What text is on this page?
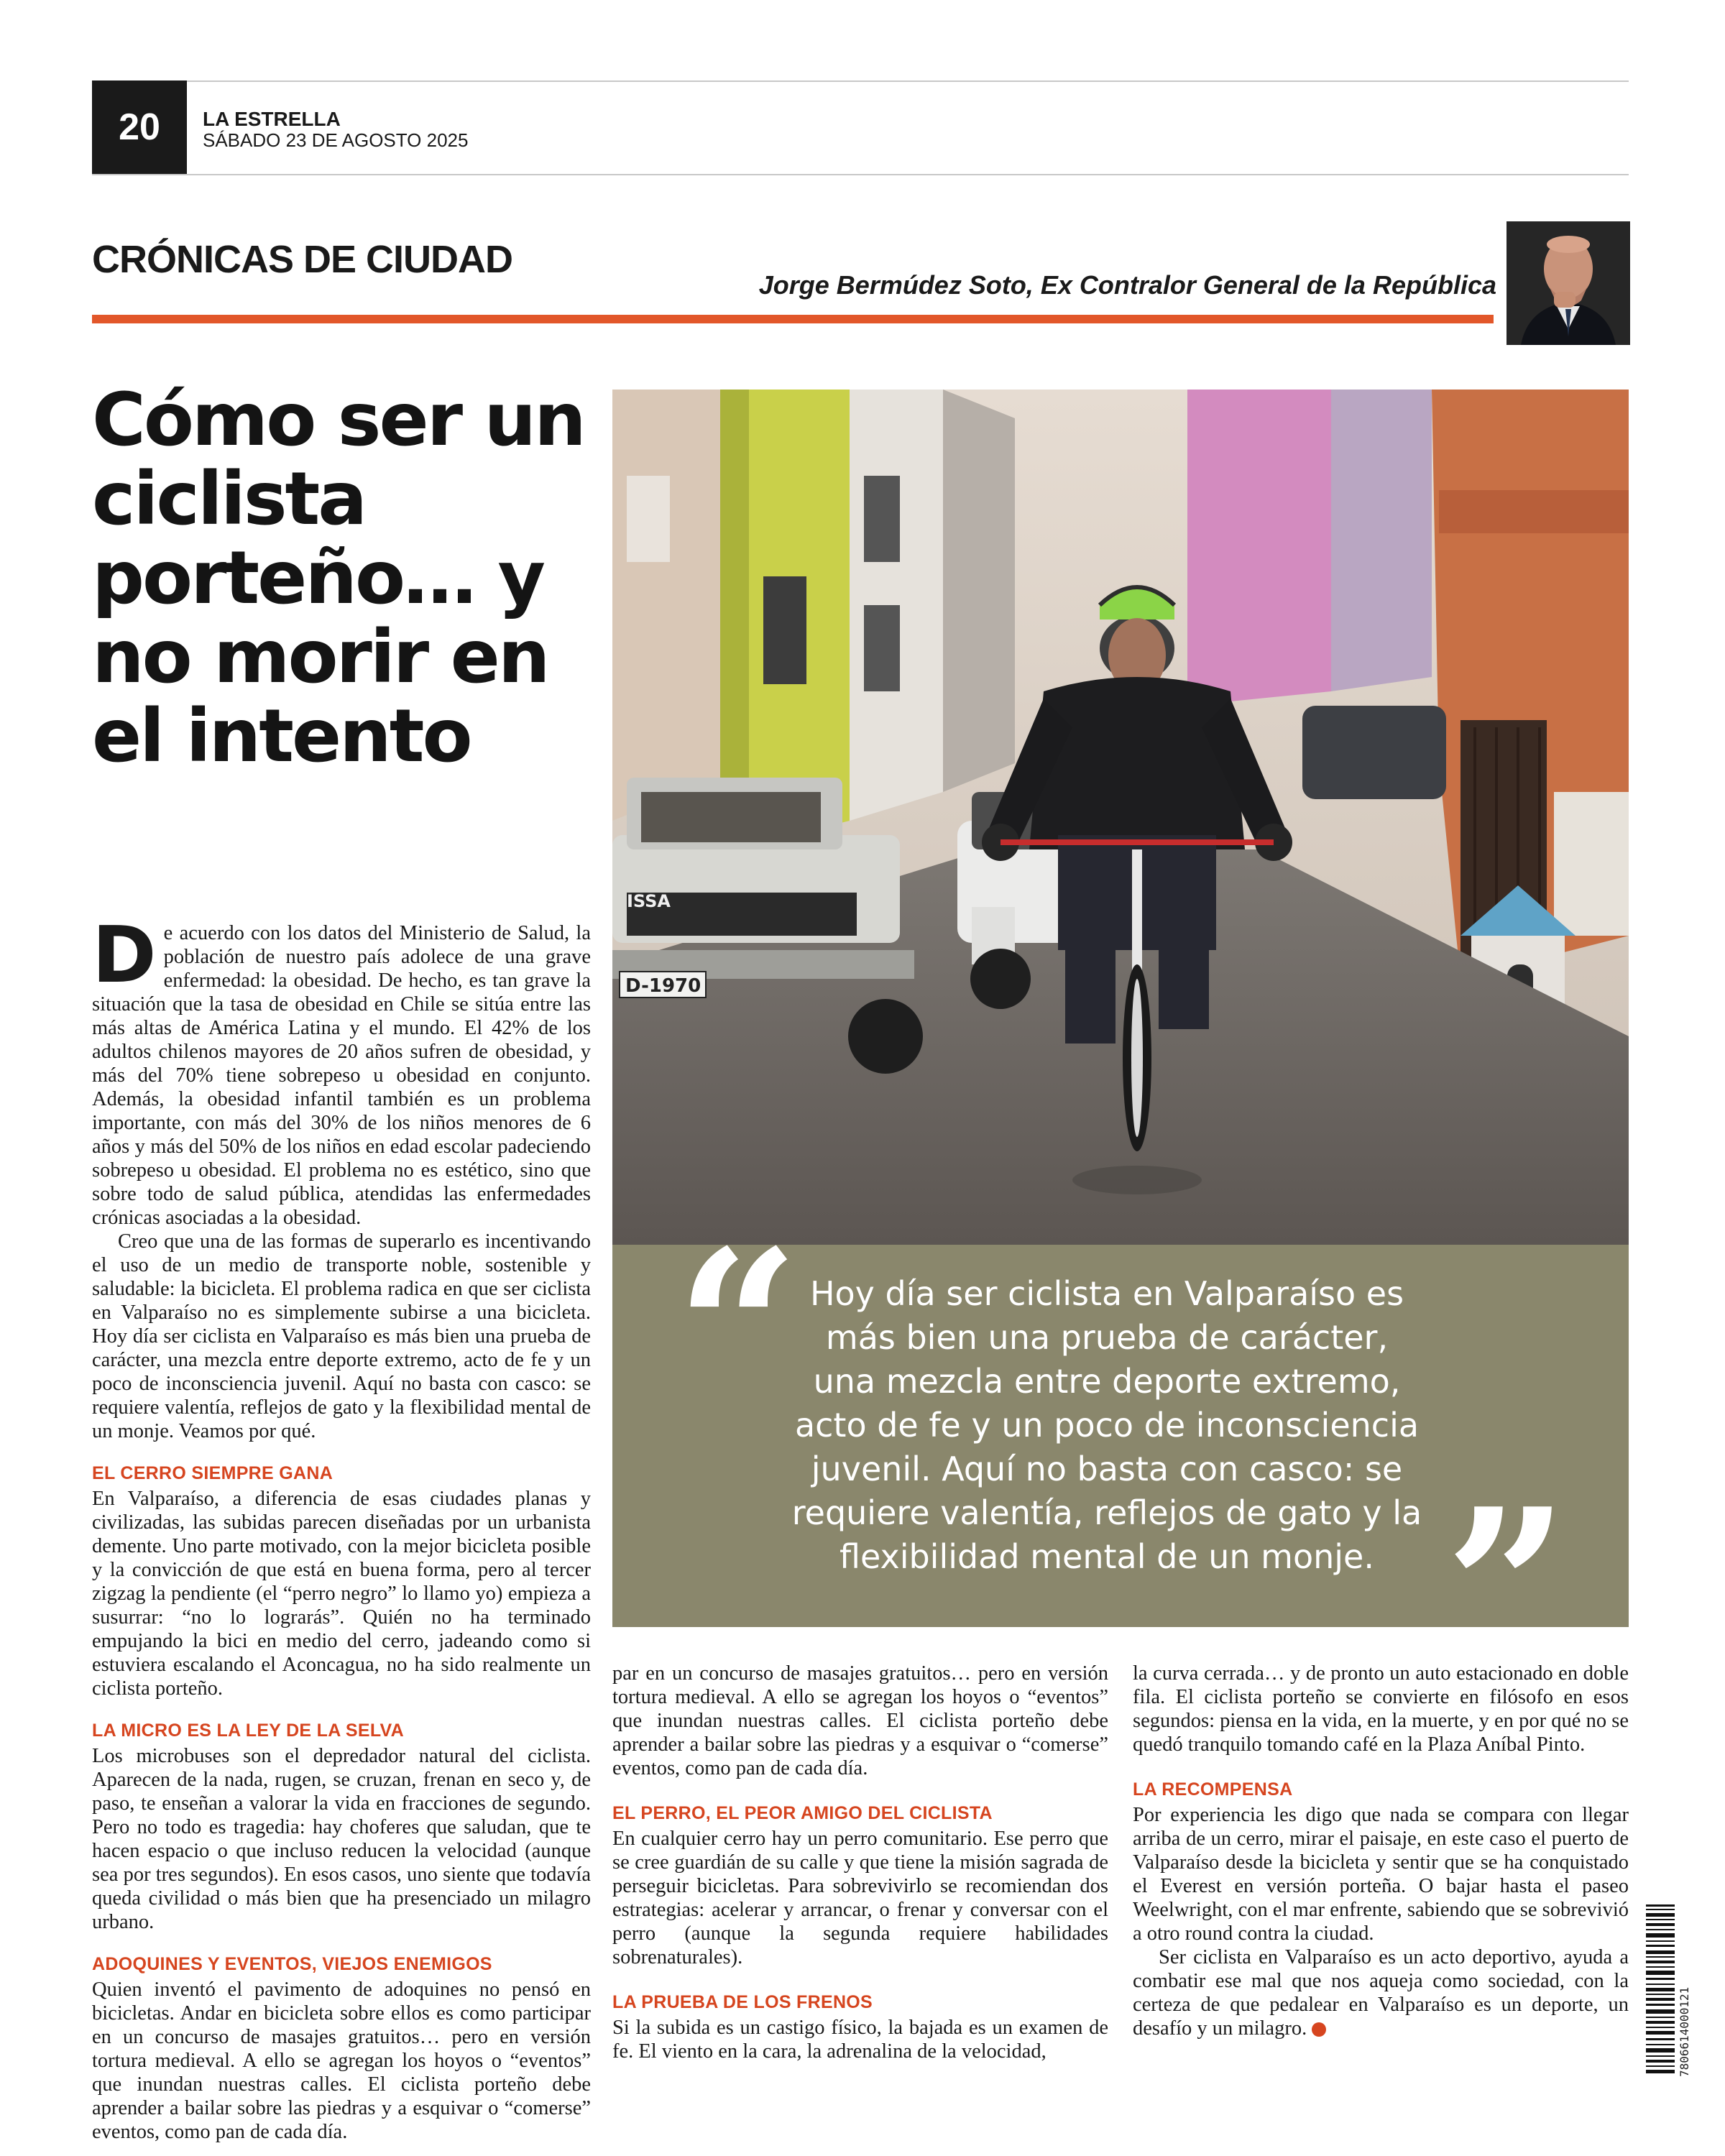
20	LA ESTRELLA
SÁBADO 23 DE AGOSTO 2025
CRÓNICAS DE CIUDAD
Jorge Bermúdez Soto, Ex Contralor General de la República
Cómo ser un ciclista porteño… y no morir en el intento
D-1970
ISSA
“ Hoy día ser ciclista en Valparaíso es más bien una prueba de carácter, una mezcla entre deporte extremo, acto de fe y un poco de inconsciencia juvenil. Aquí no basta con casco: se requiere valentía, reflejos de gato y la flexibilidad mental de un monje. ”

De acuerdo con los datos del Ministerio de Salud, la población de nuestro país adolece de una grave enfermedad: la obesidad. De hecho, es tan grave la situación que la tasa de obesidad en Chile se sitúa entre las más altas de América Latina y el mundo. El 42% de los adultos chilenos mayores de 20 años sufren de obesidad, y más del 70% tiene sobrepeso u obesidad en conjunto. Además, la obesidad infantil también es un problema importante, con más del 30% de los niños menores de 6 años y más del 50% de los niños en edad escolar padeciendo sobrepeso u obesidad. El problema no es estético, sino que sobre todo de salud pública, atendidas las enfermedades crónicas asociadas a la obesidad.

Creo que una de las formas de superarlo es incentivando el uso de un medio de transporte noble, sostenible y saludable: la bicicleta. El problema radica en que ser ciclista en Valparaíso no es simplemente subirse a una bicicleta. Hoy día ser ciclista en Valparaíso es más bien una prueba de carácter, una mezcla entre deporte extremo, acto de fe y un poco de inconsciencia juvenil. Aquí no basta con casco: se requiere valentía, reflejos de gato y la flexibilidad mental de un monje. Veamos por qué.

EL CERRO SIEMPRE GANA

En Valparaíso, a diferencia de esas ciudades planas y civilizadas, las subidas parecen diseñadas por un urbanista demente. Uno parte motivado, con la mejor bicicleta posible y la convicción de que está en buena forma, pero al tercer zigzag la pendiente (el “perro negro” lo llamo yo) empieza a susurrar: “no lo lograrás”. Quién no ha terminado empujando la bici en medio del cerro, jadeando como si estuviera escalando el Aconcagua, no ha sido realmente un ciclista porteño.

LA MICRO ES LA LEY DE LA SELVA

Los microbuses son el depredador natural del ciclista. Aparecen de la nada, rugen, se cruzan, frenan en seco y, de paso, te enseñan a valorar la vida en fracciones de segundo. Pero no todo es tragedia: hay choferes que saludan, que te hacen espacio o que incluso reducen la velocidad (aunque sea por tres segundos). En esos casos, uno siente que todavía queda civilidad o más bien que ha presenciado un milagro urbano.

ADOQUINES Y EVENTOS, VIEJOS ENEMIGOS

Quien inventó el pavimento de adoquines no pensó en bicicletas. Andar en bicicleta sobre ellos es como participar en un concurso de masajes gratuitos… pero en versión tortura medieval. A ello se agregan los hoyos o “eventos” que inundan nuestras calles. El ciclista porteño debe aprender a bailar sobre las piedras y a esquivar o “comerse” eventos, como pan de cada día.

par en un concurso de masajes gratuitos… pero en versión tortura medieval. A ello se agregan los hoyos o “eventos” que inundan nuestras calles. El ciclista porteño debe aprender a bailar sobre las piedras y a esquivar o “comerse” eventos, como pan de cada día.

EL PERRO, EL PEOR AMIGO DEL CICLISTA

En cualquier cerro hay un perro comunitario. Ese perro que se cree guardián de su calle y que tiene la misión sagrada de perseguir bicicletas. Para sobrevivirlo se recomiendan dos estrategias: acelerar y arrancar, o frenar y conversar con el perro (aunque la segunda requiere habilidades sobrenaturales).

LA PRUEBA DE LOS FRENOS

Si la subida es un castigo físico, la bajada es un examen de fe. El viento en la cara, la adrenalina de la velocidad,

la curva cerrada… y de pronto un auto estacionado en doble fila. El ciclista porteño se convierte en filósofo en esos segundos: piensa en la vida, en la muerte, y en por qué no se quedó tranquilo tomando café en la Plaza Aníbal Pinto.

LA RECOMPENSA

Por experiencia les digo que nada se compara con llegar arriba de un cerro, mirar el paisaje, en este caso el puerto de Valparaíso desde la bicicleta y sentir que se ha conquistado el Everest en versión porteña. O bajar hasta el paseo Weelwright, con el mar enfrente, sabiendo que se sobrevivió a otro round contra la ciudad.

Ser ciclista en Valparaíso es un acto deportivo, ayuda a combatir ese mal que nos aqueja como sociedad, con la certeza de que pedalear en Valparaíso es un deporte, un desafío y un milagro.	✚	7806614000121
